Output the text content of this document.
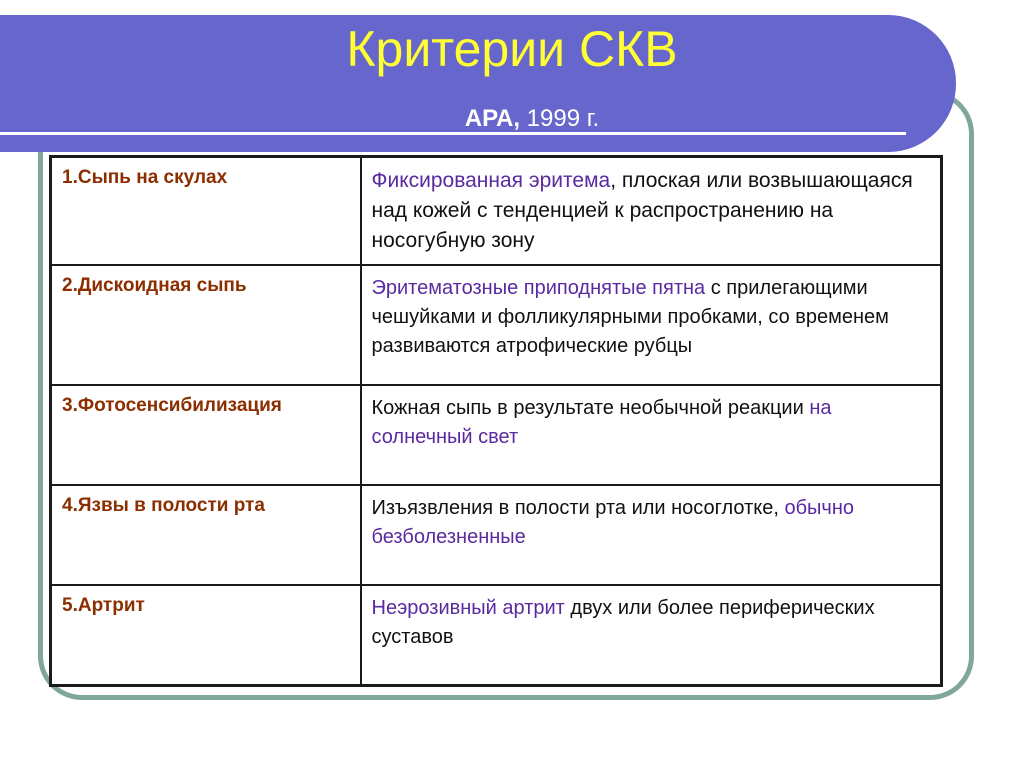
Критерии СКВ
АРА, 1999 г.
1.Сыпь на скулах	Фиксированная эритема, плоская или возвышающаяся над кожей с тенденцией к распространению на носогубную зону
2.Дискоидная сыпь	Эритематозные приподнятые пятна с прилегающими чешуйками и фолликулярными пробками, со временем развиваются атрофические рубцы
3.Фотосенсибилизация	Кожная сыпь в результате необычной реакции на солнечный свет
4.Язвы в полости рта	Изъязвления в полости рта или носоглотке, обычно безболезненные
5.Артрит	Неэрозивный артрит двух или более периферических суставов
